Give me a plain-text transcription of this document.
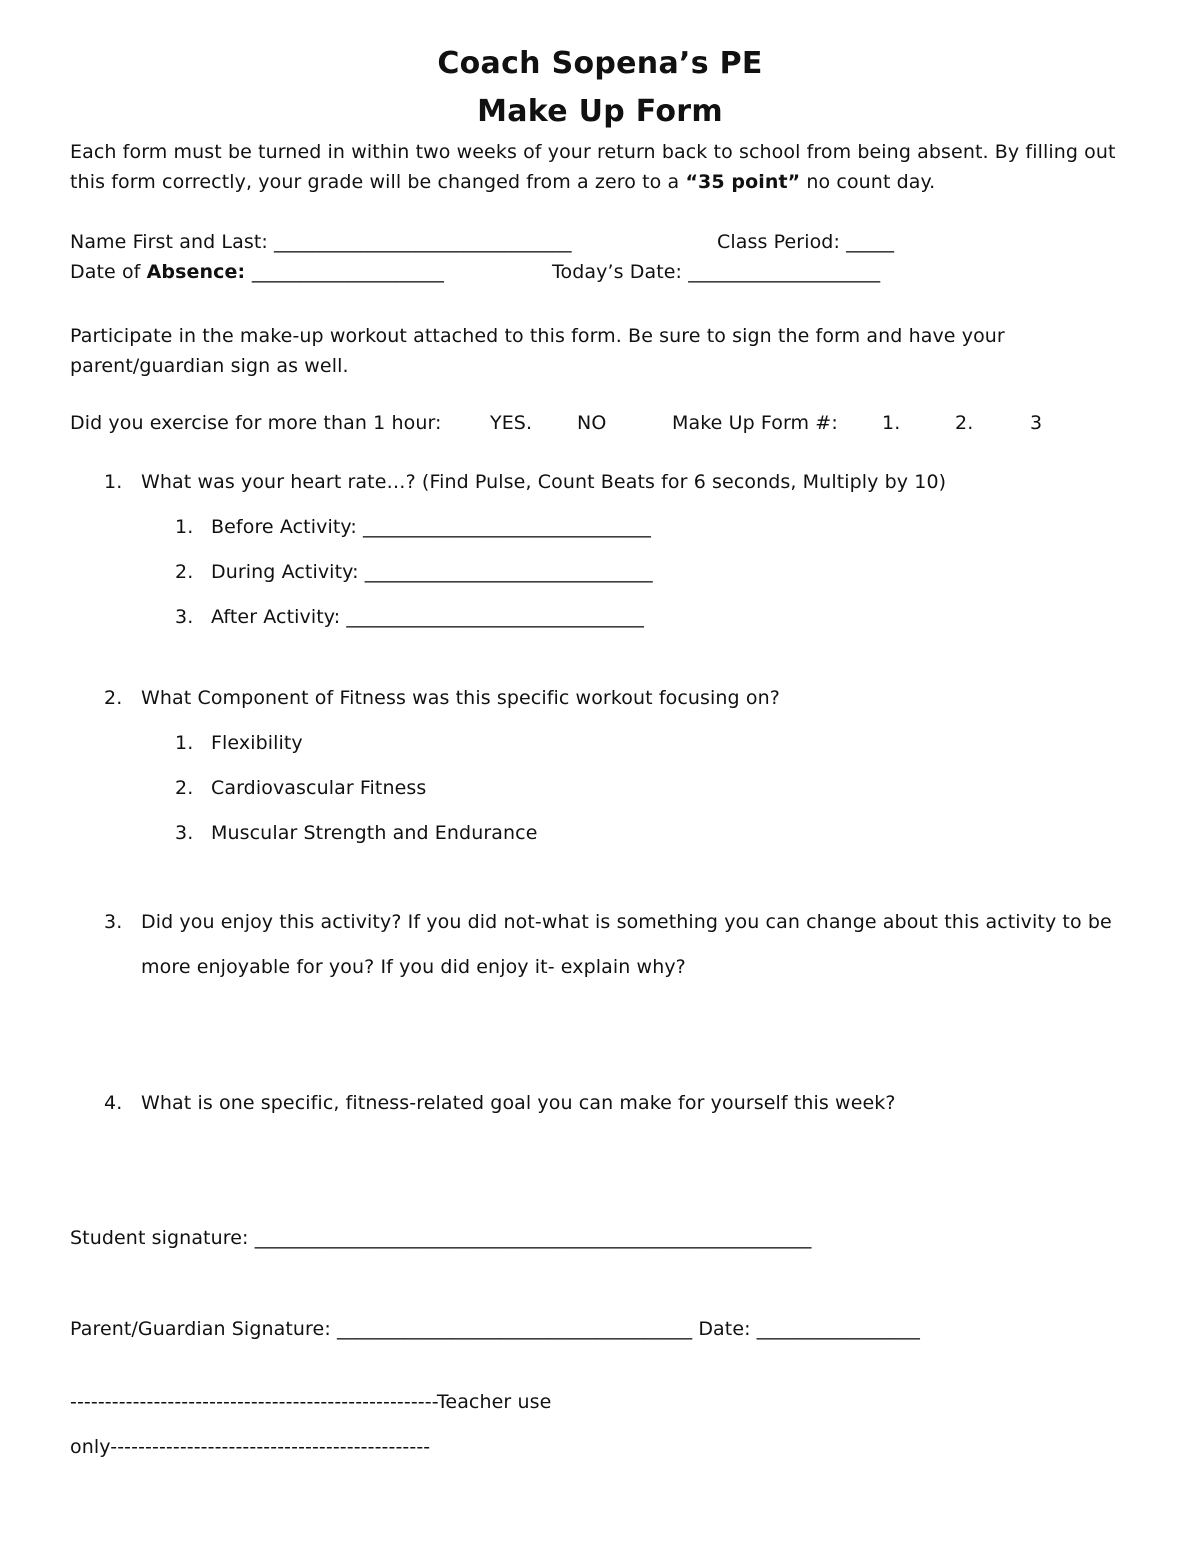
Coach Sopena’s PE
Make Up Form
Each form must be turned in within two weeks of your return back to school from being absent. By filling out this form correctly, your grade will be changed from a zero to a “35 point” no count day.
Name First and Last: _______________________________	Class Period: _____
Date of Absence: ____________________	Today’s Date: ____________________
Participate in the make-up workout attached to this form. Be sure to sign the form and have your parent/guardian sign as well.
Did you exercise for more than 1 hour:	YES. NO	Make Up Form #: 1.	2.	3
1. What was your heart rate…? (Find Pulse, Count Beats for 6 seconds, Multiply by 10)
1. Before Activity: ______________________________
2. During Activity: ______________________________
3. After Activity: _______________________________
2. What Component of Fitness was this specific workout focusing on?
1. Flexibility
2. Cardiovascular Fitness
3. Muscular Strength and Endurance
3. Did you enjoy this activity? If you did not-what is something you can change about this activity to be more enjoyable for you? If you did enjoy it- explain why?
4. What is one specific, fitness-related goal you can make for yourself this week?
Student signature: __________________________________________________________
Parent/Guardian Signature: _____________________________________ Date: _________________
-----------------------------------------------------Teacher use
only----------------------------------------------
